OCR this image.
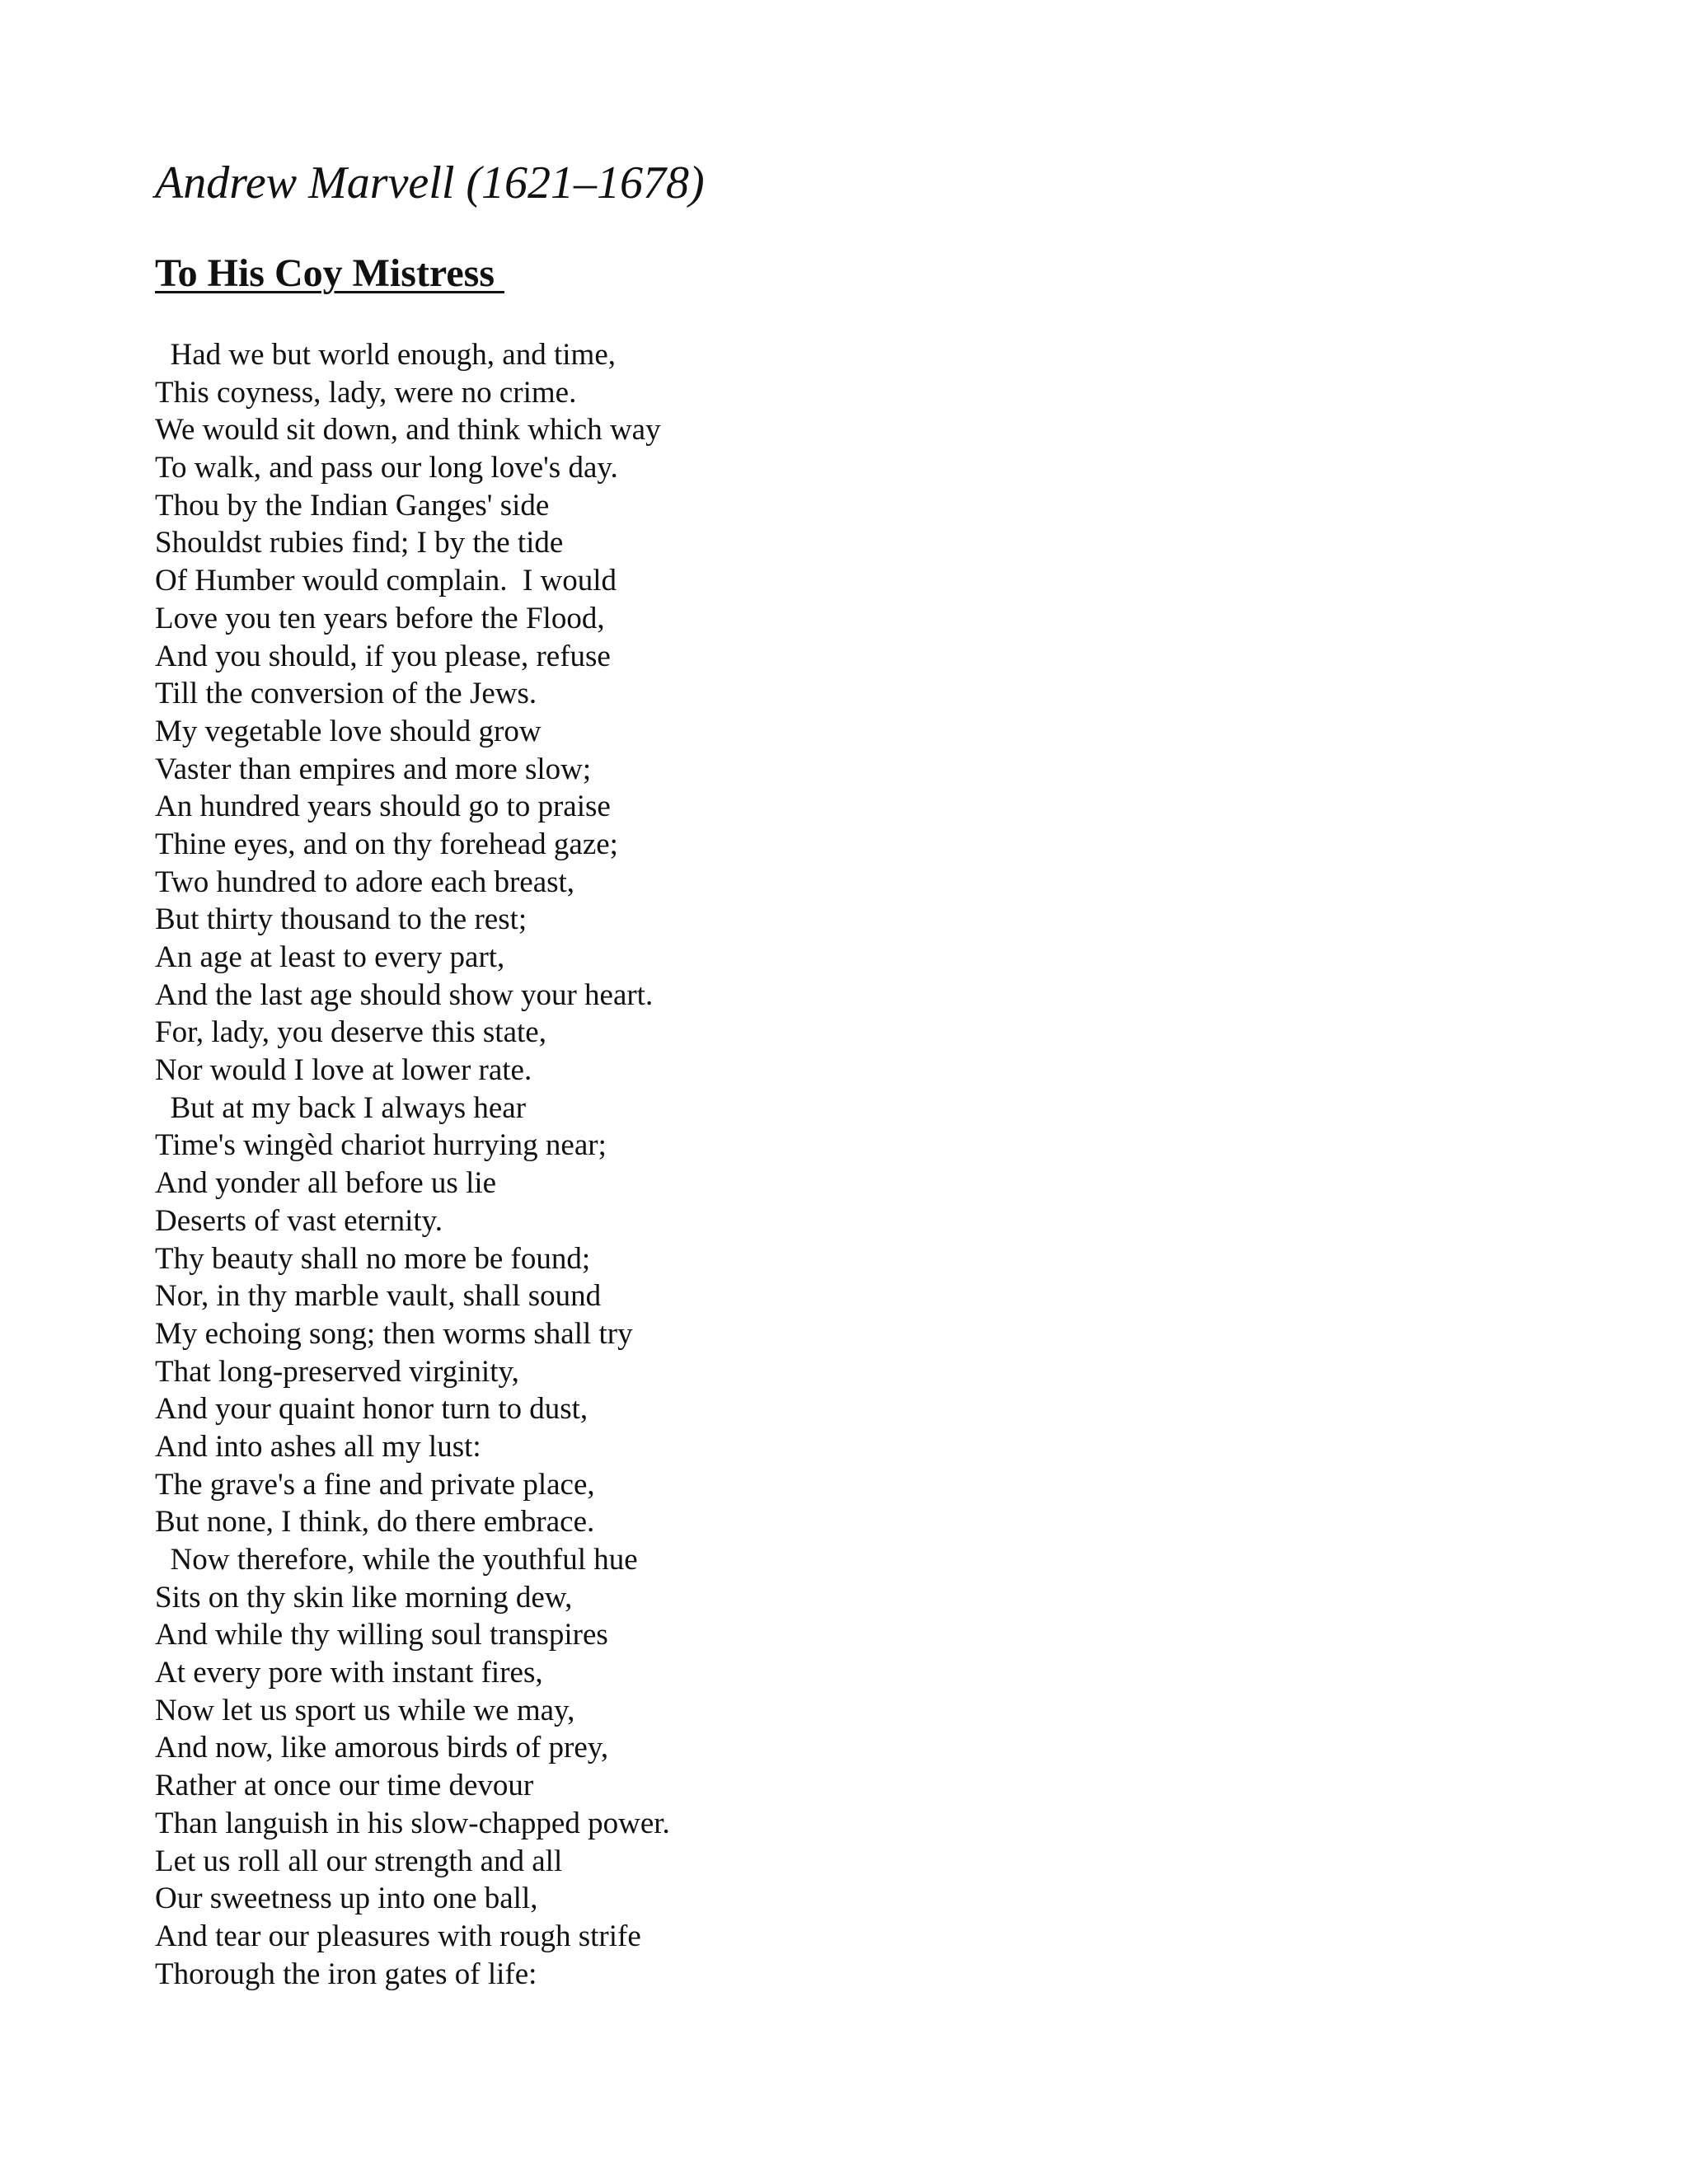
Andrew Marvell (1621–1678)
To His Coy Mistress
Had we but world enough, and time,
This coyness, lady, were no crime.
We would sit down, and think which way
To walk, and pass our long love's day.
Thou by the Indian Ganges' side
Shouldst rubies find; I by the tide
Of Humber would complain.  I would
Love you ten years before the Flood,
And you should, if you please, refuse
Till the conversion of the Jews.
My vegetable love should grow
Vaster than empires and more slow;
An hundred years should go to praise
Thine eyes, and on thy forehead gaze;
Two hundred to adore each breast,
But thirty thousand to the rest;
An age at least to every part,
And the last age should show your heart.
For, lady, you deserve this state,
Nor would I love at lower rate.
But at my back I always hear
Time's wingèd chariot hurrying near;
And yonder all before us lie
Deserts of vast eternity.
Thy beauty shall no more be found;
Nor, in thy marble vault, shall sound
My echoing song; then worms shall try
That long-preserved virginity,
And your quaint honor turn to dust,
And into ashes all my lust:
The grave's a fine and private place,
But none, I think, do there embrace.
Now therefore, while the youthful hue
Sits on thy skin like morning dew,
And while thy willing soul transpires
At every pore with instant fires,
Now let us sport us while we may,
And now, like amorous birds of prey,
Rather at once our time devour
Than languish in his slow-chapped power.
Let us roll all our strength and all
Our sweetness up into one ball,
And tear our pleasures with rough strife
Thorough the iron gates of life:
